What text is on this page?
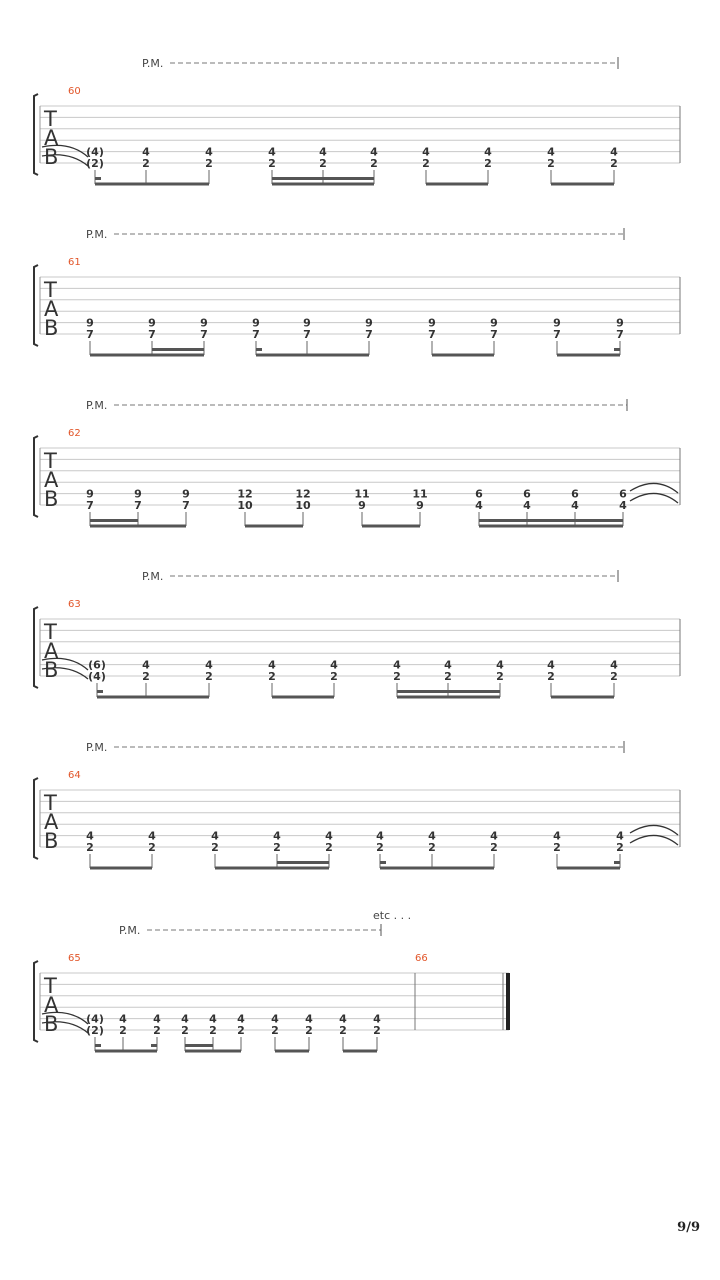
P.M.
T
A
B
60
(4)
(2)
4
2
4
2
4
2
4
2
4
2
4
2
4
2
4
2
4
2
P.M.
T
A
B
61
9
7
9
7
9
7
9
7
9
7
9
7
9
7
9
7
9
7
9
7
P.M.
T
A
B
62
9
7
9
7
9
7
12
10
12
10
11
9
11
9
6
4
6
4
6
4
6
4
P.M.
T
A
B
63
(6)
(4)
4
2
4
2
4
2
4
2
4
2
4
2
4
2
4
2
4
2
P.M.
T
A
B
64
4
2
4
2
4
2
4
2
4
2
4
2
4
2
4
2
4
2
4
2
P.M.
etc . . .
T
A
B
65	66
(4)
(2)
4
2
4
2
4
2
4
2
4
2
4
2
4
2
4
2
4
2
9/9
